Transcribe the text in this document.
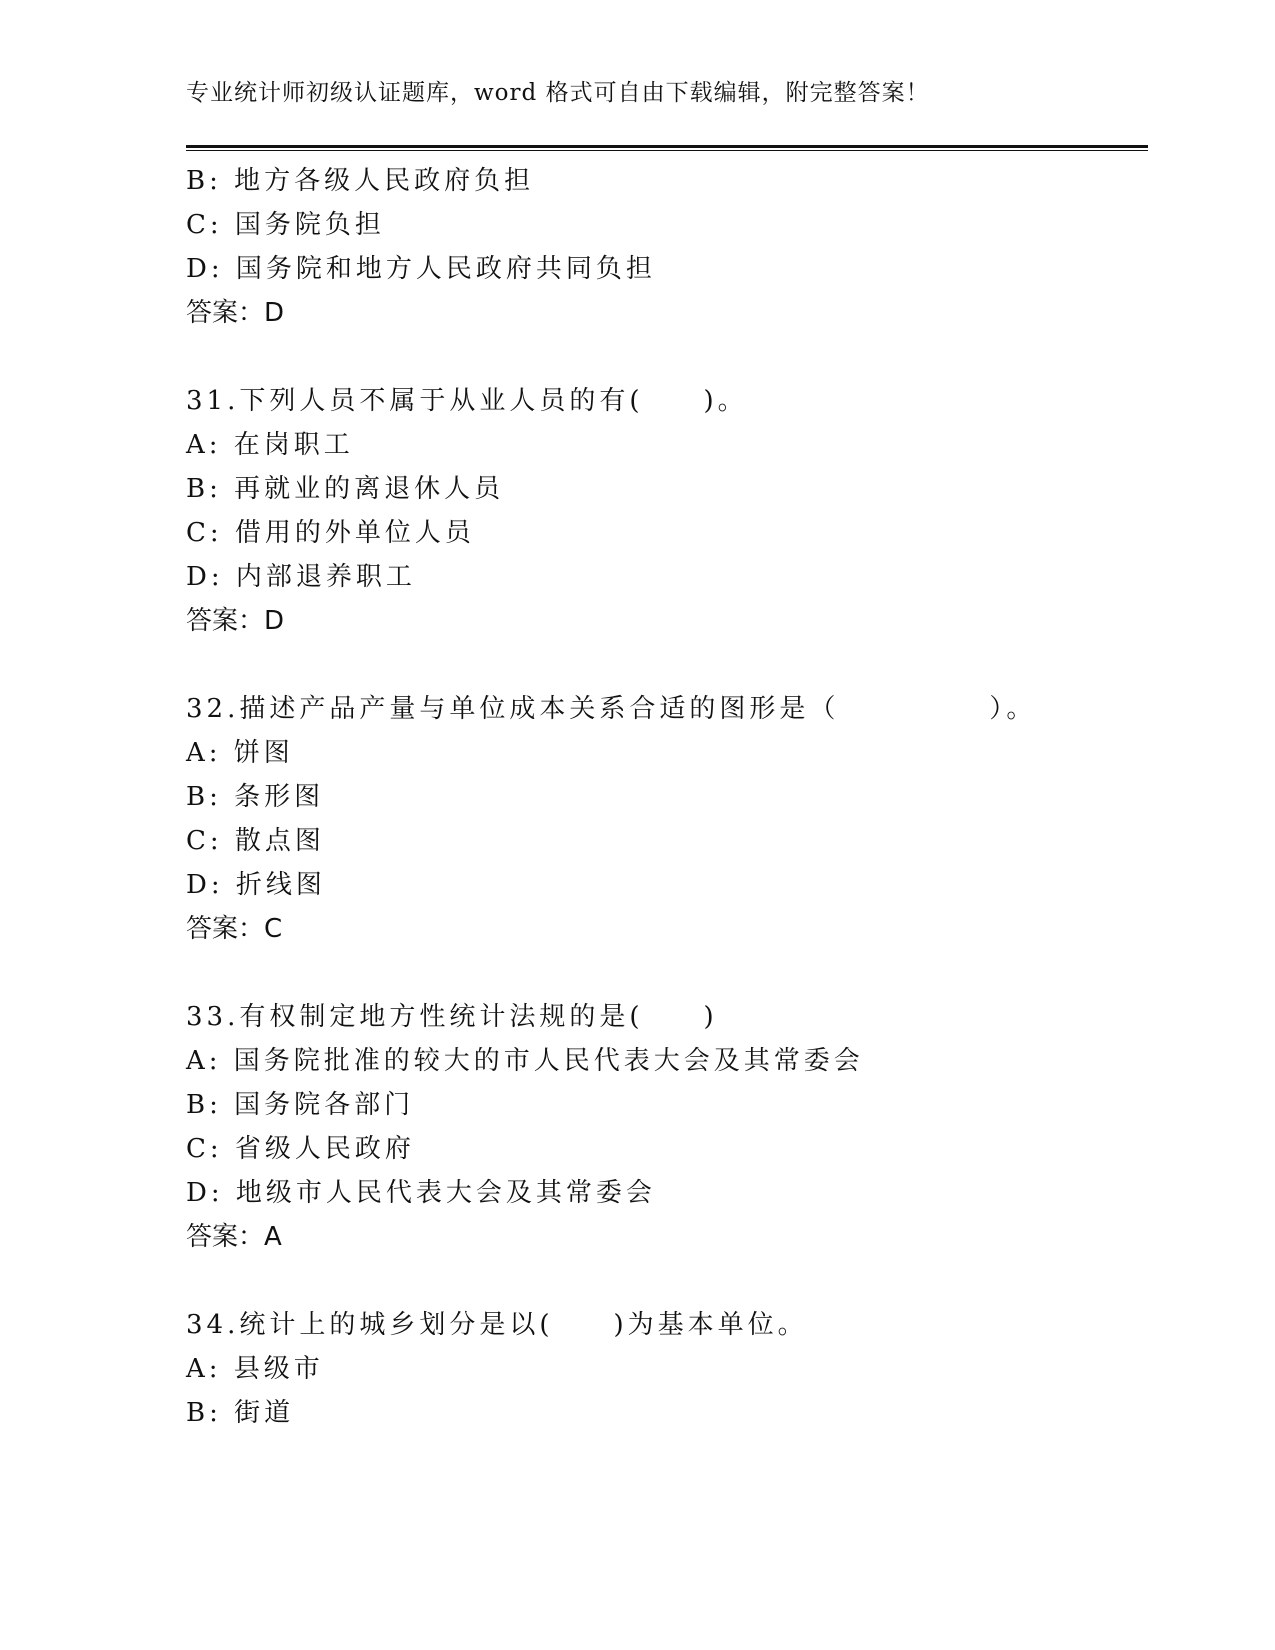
专业统计师初级认证题库，word 格式可自由下载编辑，附完整答案！
B: 地方各级人民政府负担
C: 国务院负担
D: 国务院和地方人民政府共同负担
答案：D
31.下列人员不属于从业人员的有(　　)。
A: 在岗职工
B: 再就业的离退休人员
C: 借用的外单位人员
D: 内部退养职工
答案：D
32.描述产品产量与单位成本关系合适的图形是（　　　　　）。
A: 饼图
B: 条形图
C: 散点图
D: 折线图
答案：C
33.有权制定地方性统计法规的是(　　)
A: 国务院批准的较大的市人民代表大会及其常委会
B: 国务院各部门
C: 省级人民政府
D: 地级市人民代表大会及其常委会
答案：A
34.统计上的城乡划分是以(　　)为基本单位。
A: 县级市
B: 街道
